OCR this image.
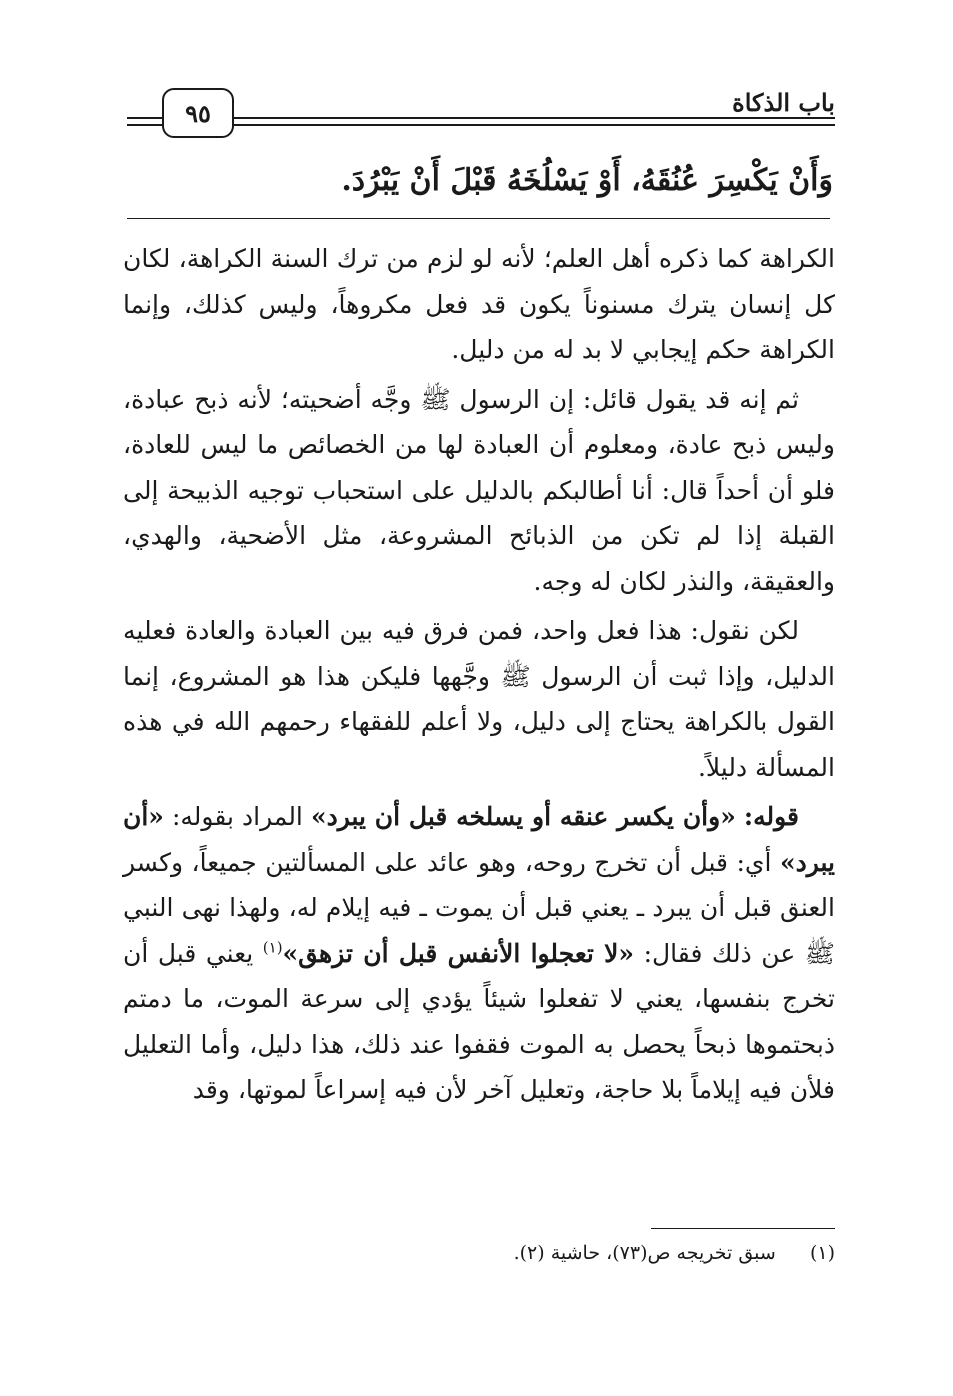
باب الذكاة
٩٥
وَأَنْ يَكْسِرَ عُنُقَهُ، أَوْ يَسْلُخَهُ قَبْلَ أَنْ يَبْرُدَ.

الكراهة كما ذكره أهل العلم؛ لأنه لو لزم من ترك السنة الكراهة، لكان كل إنسان يترك مسنوناً يكون قد فعل مكروهاً، وليس كذلك، وإنما الكراهة حكم إيجابي لا بد له من دليل.

ثم إنه قد يقول قائل: إن الرسول ﷺ وجَّه أضحيته؛ لأنه ذبح عبادة، وليس ذبح عادة، ومعلوم أن العبادة لها من الخصائص ما ليس للعادة، فلو أن أحداً قال: أنا أطالبكم بالدليل على استحباب توجيه الذبيحة إلى القبلة إذا لم تكن من الذبائح المشروعة، مثل الأضحية، والهدي، والعقيقة، والنذر لكان له وجه.

لكن نقول: هذا فعل واحد، فمن فرق فيه بين العبادة والعادة فعليه الدليل، وإذا ثبت أن الرسول ﷺ وجَّهها فليكن هذا هو المشروع، إنما القول بالكراهة يحتاج إلى دليل، ولا أعلم للفقهاء رحمهم الله في هذه المسألة دليلاً.

قوله: «وأن يكسر عنقه أو يسلخه قبل أن يبرد» المراد بقوله: «أن يبرد» أي: قبل أن تخرج روحه، وهو عائد على المسألتين جميعاً، وكسر العنق قبل أن يبرد ـ يعني قبل أن يموت ـ فيه إيلام له، ولهذا نهى النبي ﷺ عن ذلك فقال: «لا تعجلوا الأنفس قبل أن تزهق»$^{(١)}$ يعني قبل أن تخرج بنفسها، يعني لا تفعلوا شيئاً يؤدي إلى سرعة الموت، ما دمتم ذبحتموها ذبحاً يحصل به الموت فقفوا عند ذلك، هذا دليل، وأما التعليل فلأن فيه إيلاماً بلا حاجة، وتعليل آخر لأن فيه إسراعاً لموتها، وقد

(١)  سبق تخريجه ص(٧٣)، حاشية (٢).
